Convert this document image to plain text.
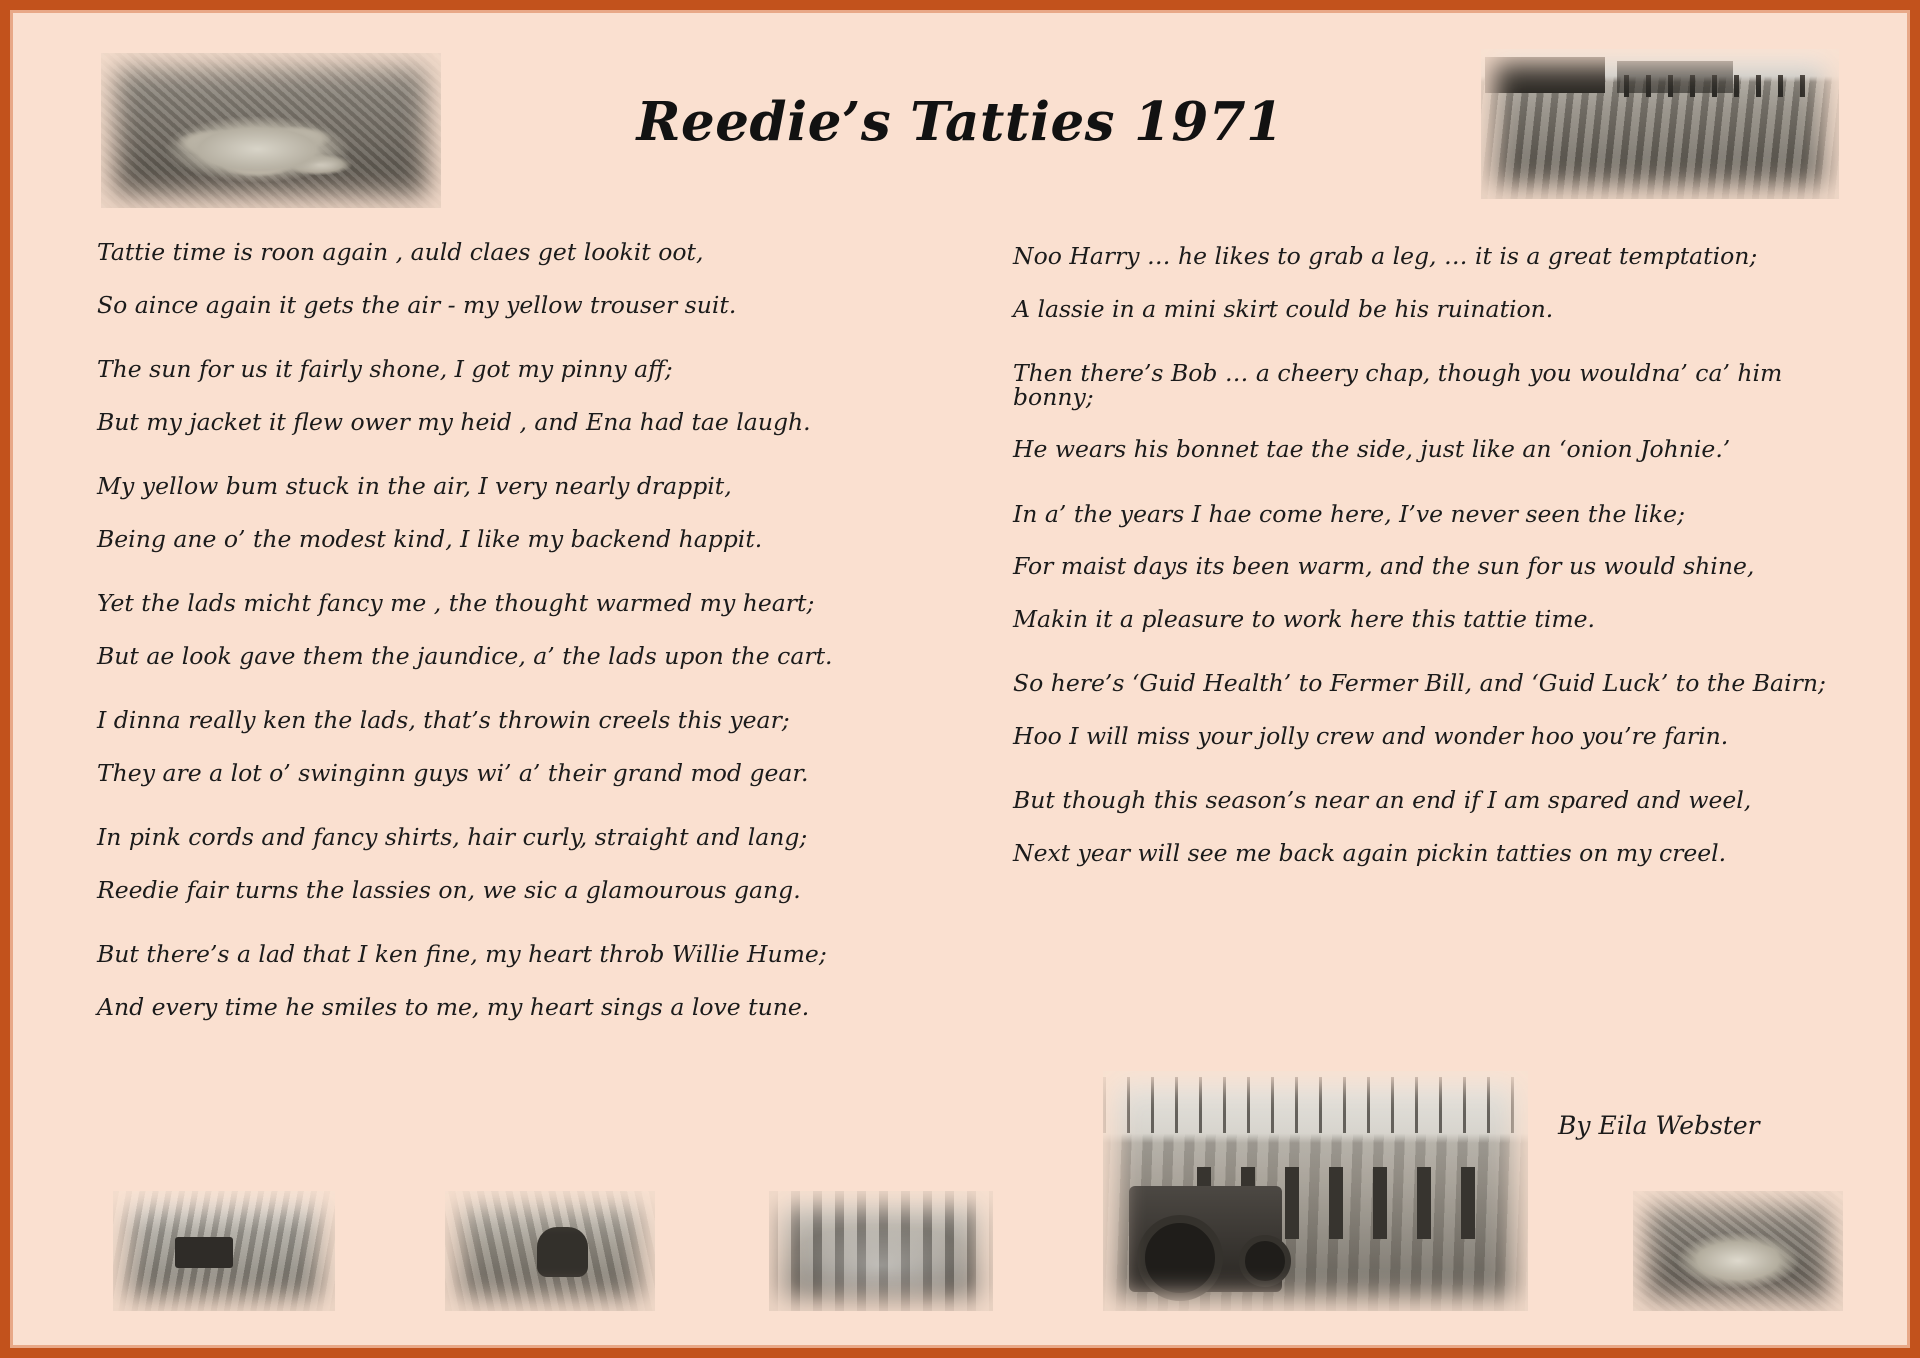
Reedie’s Tatties 1971
Tattie time is roon again , auld claes get lookit oot,
So aince again it gets the air - my yellow trouser suit.
The sun for us it fairly shone, I got my pinny aff;
But my jacket it flew ower my heid , and Ena had tae laugh.
My yellow bum stuck in the air, I very nearly drappit,
Being ane o’ the modest kind, I like my backend happit.
Yet the lads micht fancy me , the thought warmed my heart;
But ae look gave them the jaundice, a’ the lads upon the cart.
I dinna really ken the lads, that’s throwin creels this year;
They are a lot o’ swinginn guys wi’ a’ their grand mod gear.
In pink cords and fancy shirts, hair curly, straight and lang;
Reedie fair turns the lassies on, we sic a glamourous gang.
But there’s a lad that I ken fine, my heart throb Willie Hume;
And every time he smiles to me, my heart sings a love tune.
Noo Harry … he likes to grab a leg, … it is a great temptation;
A lassie in a mini skirt could be his ruination.
Then there’s Bob … a cheery chap, though you wouldna’ ca’ him bonny;
He wears his bonnet tae the side, just like an ‘onion Johnie.’
In a’ the years I hae come here, I’ve never seen the like;
For maist days its been warm, and the sun for us would shine,
Makin it a pleasure to work here this tattie time.
So here’s ‘Guid Health’ to Fermer Bill, and ‘Guid Luck’ to the Bairn;
Hoo I will miss your jolly crew and wonder hoo you’re farin.
But though this season’s near an end if I am spared and weel,
Next year will see me back again pickin tatties on my creel.
By Eila Webster
